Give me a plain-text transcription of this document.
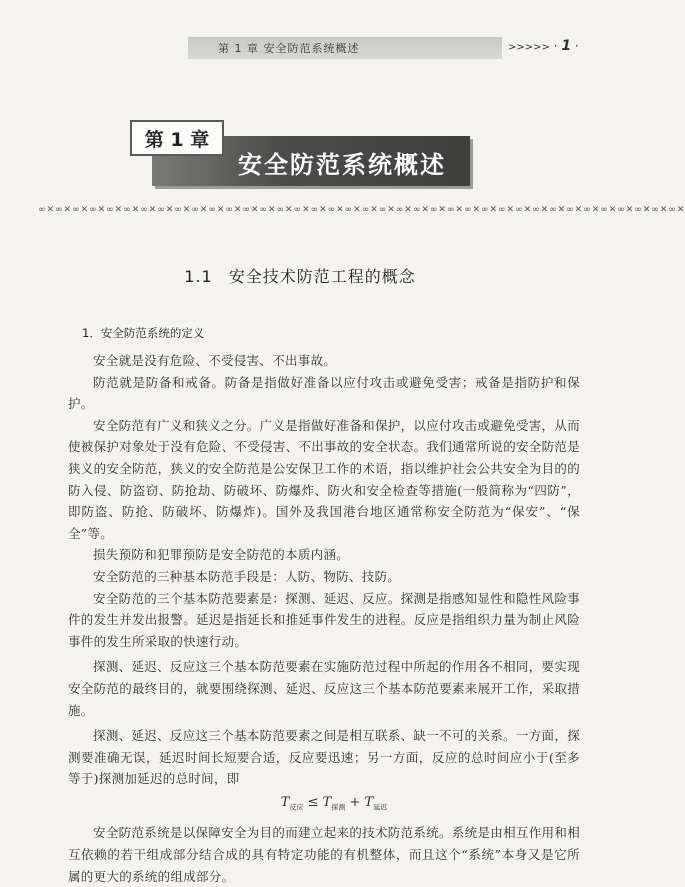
第 1 章 安全防范系统概述	>>>>> · 1 ·
安全防范系统概述
第 1 章
∞✕∞✕∞✕∞✕∞✕∞✕∞✕∞✕∞✕∞✕∞✕∞✕∞✕∞✕∞✕∞✕∞✕∞✕∞✕∞✕∞✕∞✕∞✕∞✕∞✕∞✕∞✕∞✕∞✕∞✕∞✕∞✕∞✕∞✕∞✕∞✕∞✕∞✕
1.1 安全技术防范工程的概念
1．安全防范系统的定义

安全就是没有危险、不受侵害、不出事故。

防范就是防备和戒备。防备是指做好准备以应付攻击或避免受害；戒备是指防护和保护。

安全防范有广义和狭义之分。广义是指做好准备和保护，以应付攻击或避免受害，从而使被保护对象处于没有危险、不受侵害、不出事故的安全状态。我们通常所说的安全防范是狭义的安全防范，狭义的安全防范是公安保卫工作的术语，指以维护社会公共安全为目的的防入侵、防盗窃、防抢劫、防破坏、防爆炸、防火和安全检查等措施(一般简称为“四防”，即防盗、防抢、防破坏、防爆炸)。国外及我国港台地区通常称安全防范为“保安”、“保全”等。

损失预防和犯罪预防是安全防范的本质内涵。

安全防范的三种基本防范手段是：人防、物防、技防。

安全防范的三个基本防范要素是：探测、延迟、反应。探测是指感知显性和隐性风险事件的发生并发出报警。延迟是指延长和推延事件发生的进程。反应是指组织力量为制止风险事件的发生所采取的快速行动。

探测、延迟、反应这三个基本防范要素在实施防范过程中所起的作用各不相同，要实现安全防范的最终目的，就要围绕探测、延迟、反应这三个基本防范要素来展开工作，采取措施。

探测、延迟、反应这三个基本防范要素之间是相互联系、缺一不可的关系。一方面，探测要准确无误，延迟时间长短要合适，反应要迅速；另一方面，反应的总时间应小于(至多等于)探测加延迟的总时间，即

$T_{反应} \le T_{探测} + T_{延迟}$

安全防范系统是以保障安全为目的而建立起来的技术防范系统。系统是由相互作用和相互依赖的若干组成部分结合成的具有特定功能的有机整体，而且这个“系统”本身又是它所属的更大的系统的组成部分。
